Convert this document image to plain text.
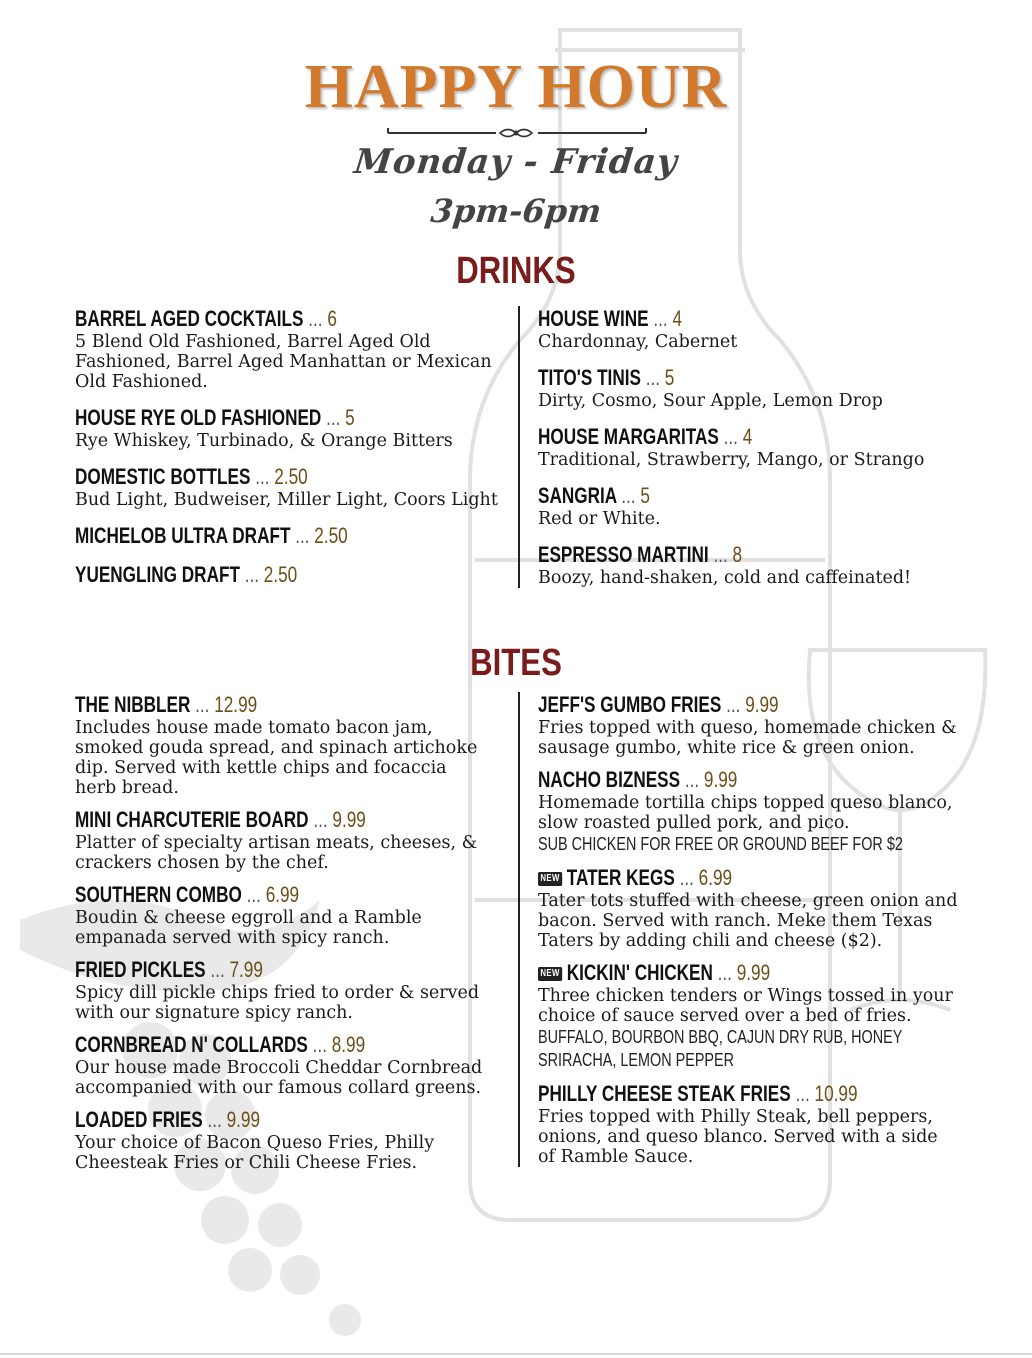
HAPPY HOUR
Monday - Friday
3pm-6pm
DRINKS
BARREL AGED COCKTAILS ... 6

5 Blend Old Fashioned, Barrel Aged Old Fashioned, Barrel Aged Manhattan or Mexican Old Fashioned.

HOUSE RYE OLD FASHIONED ... 5

Rye Whiskey, Turbinado, & Orange Bitters

DOMESTIC BOTTLES ... 2.50

Bud Light, Budweiser, Miller Light, Coors Light

MICHELOB ULTRA DRAFT ... 2.50
YUENGLING DRAFT ... 2.50
HOUSE WINE ... 4

Chardonnay, Cabernet

TITO'S TINIS ... 5

Dirty, Cosmo, Sour Apple, Lemon Drop

HOUSE MARGARITAS ... 4

Traditional, Strawberry, Mango, or Strango

SANGRIA ... 5

Red or White.

ESPRESSO MARTINI ... 8

Boozy, hand-shaken, cold and caffeinated!

BITES
THE NIBBLER ... 12.99

Includes house made tomato bacon jam, smoked gouda spread, and spinach artichoke dip. Served with kettle chips and focaccia herb bread.

MINI CHARCUTERIE BOARD ... 9.99

Platter of specialty artisan meats, cheeses, & crackers chosen by the chef.

SOUTHERN COMBO ... 6.99

Boudin & cheese eggroll and a Ramble empanada served with spicy ranch.

FRIED PICKLES ... 7.99

Spicy dill pickle chips fried to order & served with our signature spicy ranch.

CORNBREAD N' COLLARDS ... 8.99

Our house made Broccoli Cheddar Cornbread accompanied with our famous collard greens.

LOADED FRIES ... 9.99

Your choice of Bacon Queso Fries, Philly Cheesteak Fries or Chili Cheese Fries.

JEFF'S GUMBO FRIES ... 9.99

Fries topped with queso, homemade chicken & sausage gumbo, white rice & green onion.

NACHO BIZNESS ... 9.99

Homemade tortilla chips topped queso blanco, slow roasted pulled pork, and pico.

SUB CHICKEN FOR FREE OR GROUND BEEF FOR $2
NEW TATER KEGS ... 6.99

Tater tots stuffed with cheese, green onion and bacon. Served with ranch. Meke them Texas Taters by adding chili and cheese ($2).

NEW KICKIN' CHICKEN ... 9.99

Three chicken tenders or Wings tossed in your choice of sauce served over a bed of fries.

BUFFALO, BOURBON BBQ, CAJUN DRY RUB, HONEY SRIRACHA, LEMON PEPPER
PHILLY CHEESE STEAK FRIES ... 10.99

Fries topped with Philly Steak, bell peppers, onions, and queso blanco. Served with a side of Ramble Sauce.
